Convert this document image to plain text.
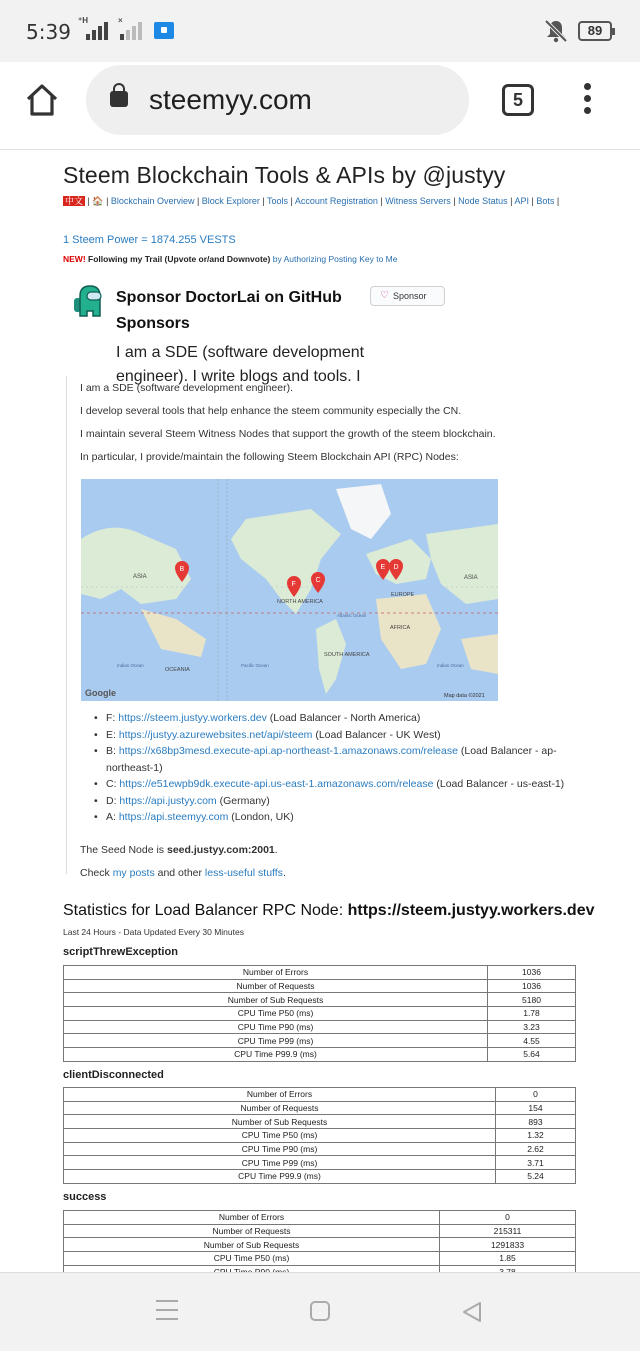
5:39 ⁺H	×
89
steemyy.com	5
Steem Blockchain Tools & APIs by @justyy
中文 | 🏠 | Blockchain Overview | Block Explorer | Tools | Account Registration | Witness Servers | Node Status | API | Bots |
1 Steem Power = 1874.255 VESTS
NEW! Following my Trail (Upvote or/and Downvote) by Authorizing Posting Key to Me
Sponsor DoctorLai on GitHub Sponsors
♡ Sponsor
I am a SDE (software development engineer). I write blogs and tools. I

I am a SDE (software development engineer).

I develop several tools that help enhance the steem community especially the CN.

I maintain several Steem Witness Nodes that support the growth of the steem blockchain.

In particular, I provide/maintain the following Steem Blockchain API (RPC) Nodes:

ASIA	ASIA
NORTH AMERICA
EUROPE
AFRICA
SOUTH AMERICA
OCEANIA
Atlantic Ocean
Indian Ocean	Indian Ocean
Pacific Ocean
B
F
C
E D
Google	Map data ©2021
• F: https://steem.justyy.workers.dev (Load Balancer - North America)
• E: https://justyy.azurewebsites.net/api/steem (Load Balancer - UK West)
• B: https://x68bp3mesd.execute-api.ap-northeast-1.amazonaws.com/release (Load Balancer - ap-northeast-1)
• C: https://e51ewpb9dk.execute-api.us-east-1.amazonaws.com/release (Load Balancer - us-east-1)
• D: https://api.justyy.com (Germany)
• A: https://api.steemyy.com (London, UK)

The Seed Node is seed.justyy.com:2001.

Check my posts and other less-useful stuffs.

Statistics for Load Balancer RPC Node: https://steem.justyy.workers.dev
Last 24 Hours - Data Updated Every 30 Minutes
scriptThrewException
Number of Errors	1036
Number of Requests	1036
Number of Sub Requests	5180
CPU Time P50 (ms)	1.78
CPU Time P90 (ms)	3.23
CPU Time P99 (ms)	4.55
CPU Time P99.9 (ms)	5.64
clientDisconnected
Number of Errors	0
Number of Requests	154
Number of Sub Requests	893
CPU Time P50 (ms)	1.32
CPU Time P90 (ms)	2.62
CPU Time P99 (ms)	3.71
CPU Time P99.9 (ms)	5.24
success
Number of Errors	0
Number of Requests	215311
Number of Sub Requests	1291833
CPU Time P50 (ms)	1.85
